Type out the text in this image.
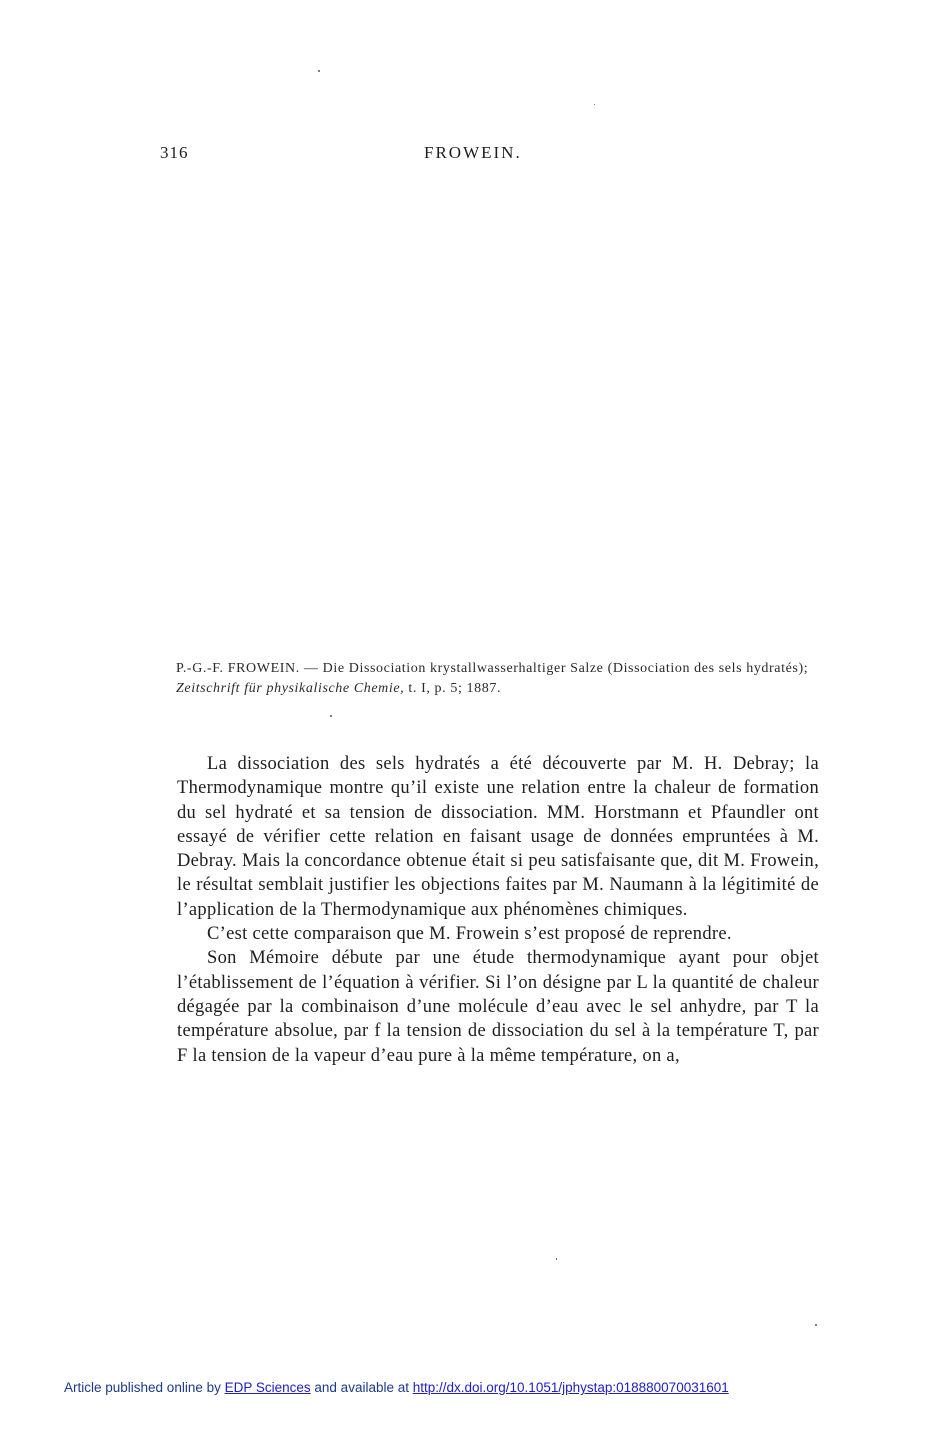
316	FROWEIN.
P.-G.-F. FROWEIN. — Die Dissociation krystallwasserhaltiger Salze (Dissociation des sels hydratés); Zeitschrift für physikalische Chemie, t. I, p. 5; 1887.

La dissociation des sels hydratés a été découverte par M. H. Debray; la Thermodynamique montre qu’il existe une relation entre la chaleur de formation du sel hydraté et sa tension de dissociation. MM. Horstmann et Pfaundler ont essayé de vérifier cette relation en faisant usage de données empruntées à M. Debray. Mais la concordance obtenue était si peu satisfaisante que, dit M. Frowein, le résultat semblait justifier les objections faites par M. Naumann à la légitimité de l’application de la Thermodynamique aux phénomènes chimiques.

C’est cette comparaison que M. Frowein s’est proposé de reprendre.

Son Mémoire débute par une étude thermodynamique ayant pour objet l’établissement de l’équation à vérifier. Si l’on désigne par L la quantité de chaleur dégagée par la combinaison d’une molécule d’eau avec le sel anhydre, par T la température absolue, par f la tension de dissociation du sel à la température T, par F la tension de la vapeur d’eau pure à la même température, on a,

Article published online by EDP Sciences and available at http://dx.doi.org/10.1051/jphystap:018880070031601
